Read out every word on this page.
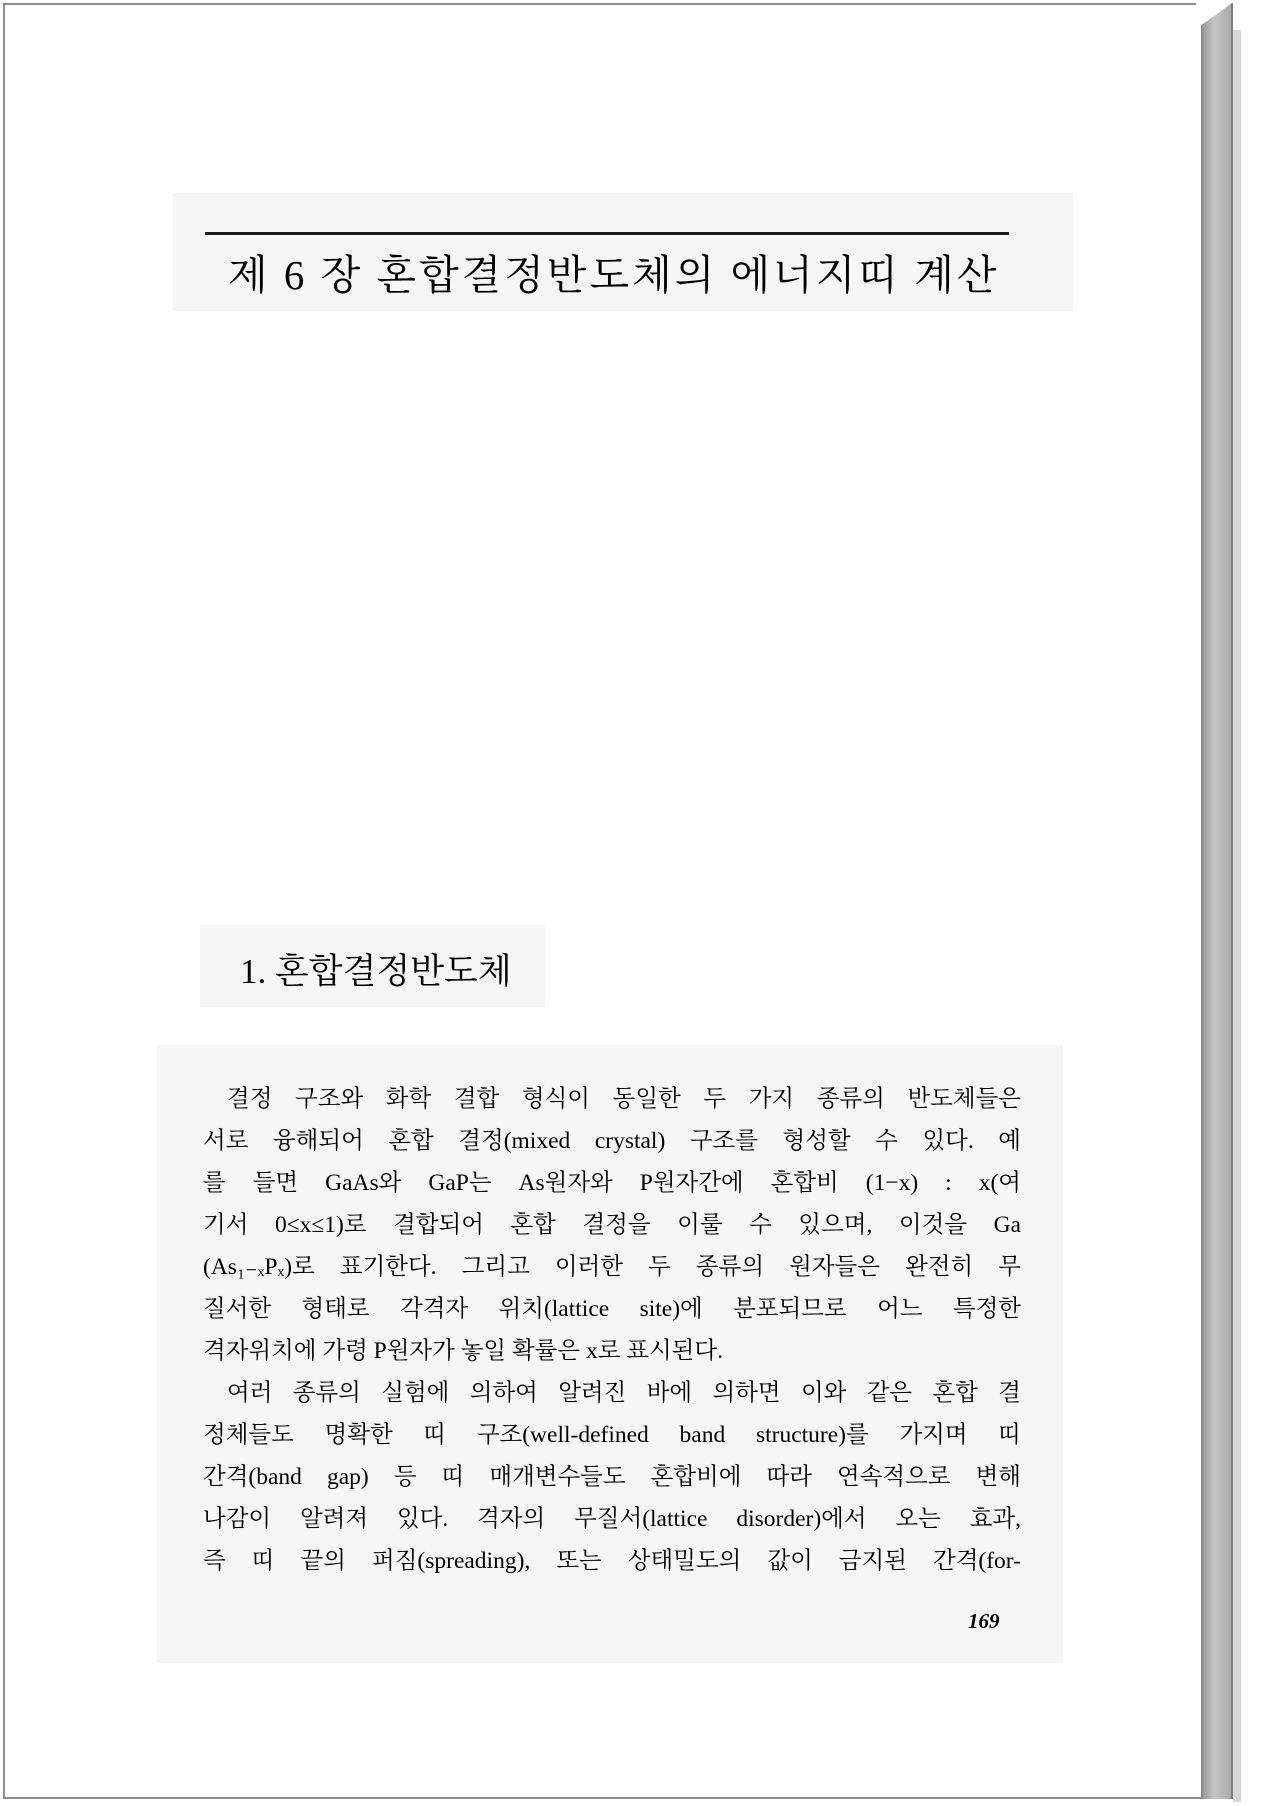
제 6 장 혼합결정반도체의 에너지띠 계산
1. 혼합결정반도체
결정 구조와 화학 결합 형식이 동일한 두 가지 종류의 반도체들은
서로 융해되어 혼합 결정(mixed crystal) 구조를 형성할 수 있다. 예
를 들면 GaAs와 GaP는 As원자와 P원자간에 혼합비 (1−x) : x(여
기서 0≤x≤1)로 결합되어 혼합 결정을 이룰 수 있으며, 이것을 Ga
(As₁₋ₓPₓ)로 표기한다. 그리고 이러한 두 종류의 원자들은 완전히 무
질서한 형태로 각격자 위치(lattice site)에 분포되므로 어느 특정한
격자위치에 가령 P원자가 놓일 확률은 x로 표시된다.
여러 종류의 실험에 의하여 알려진 바에 의하면 이와 같은 혼합 결
정체들도 명확한 띠 구조(well-defined band structure)를 가지며 띠
간격(band gap) 등 띠 매개변수들도 혼합비에 따라 연속적으로 변해
나감이 알려져 있다. 격자의 무질서(lattice disorder)에서 오는 효과,
즉 띠 끝의 퍼짐(spreading), 또는 상태밀도의 값이 금지된 간격(for-
169
